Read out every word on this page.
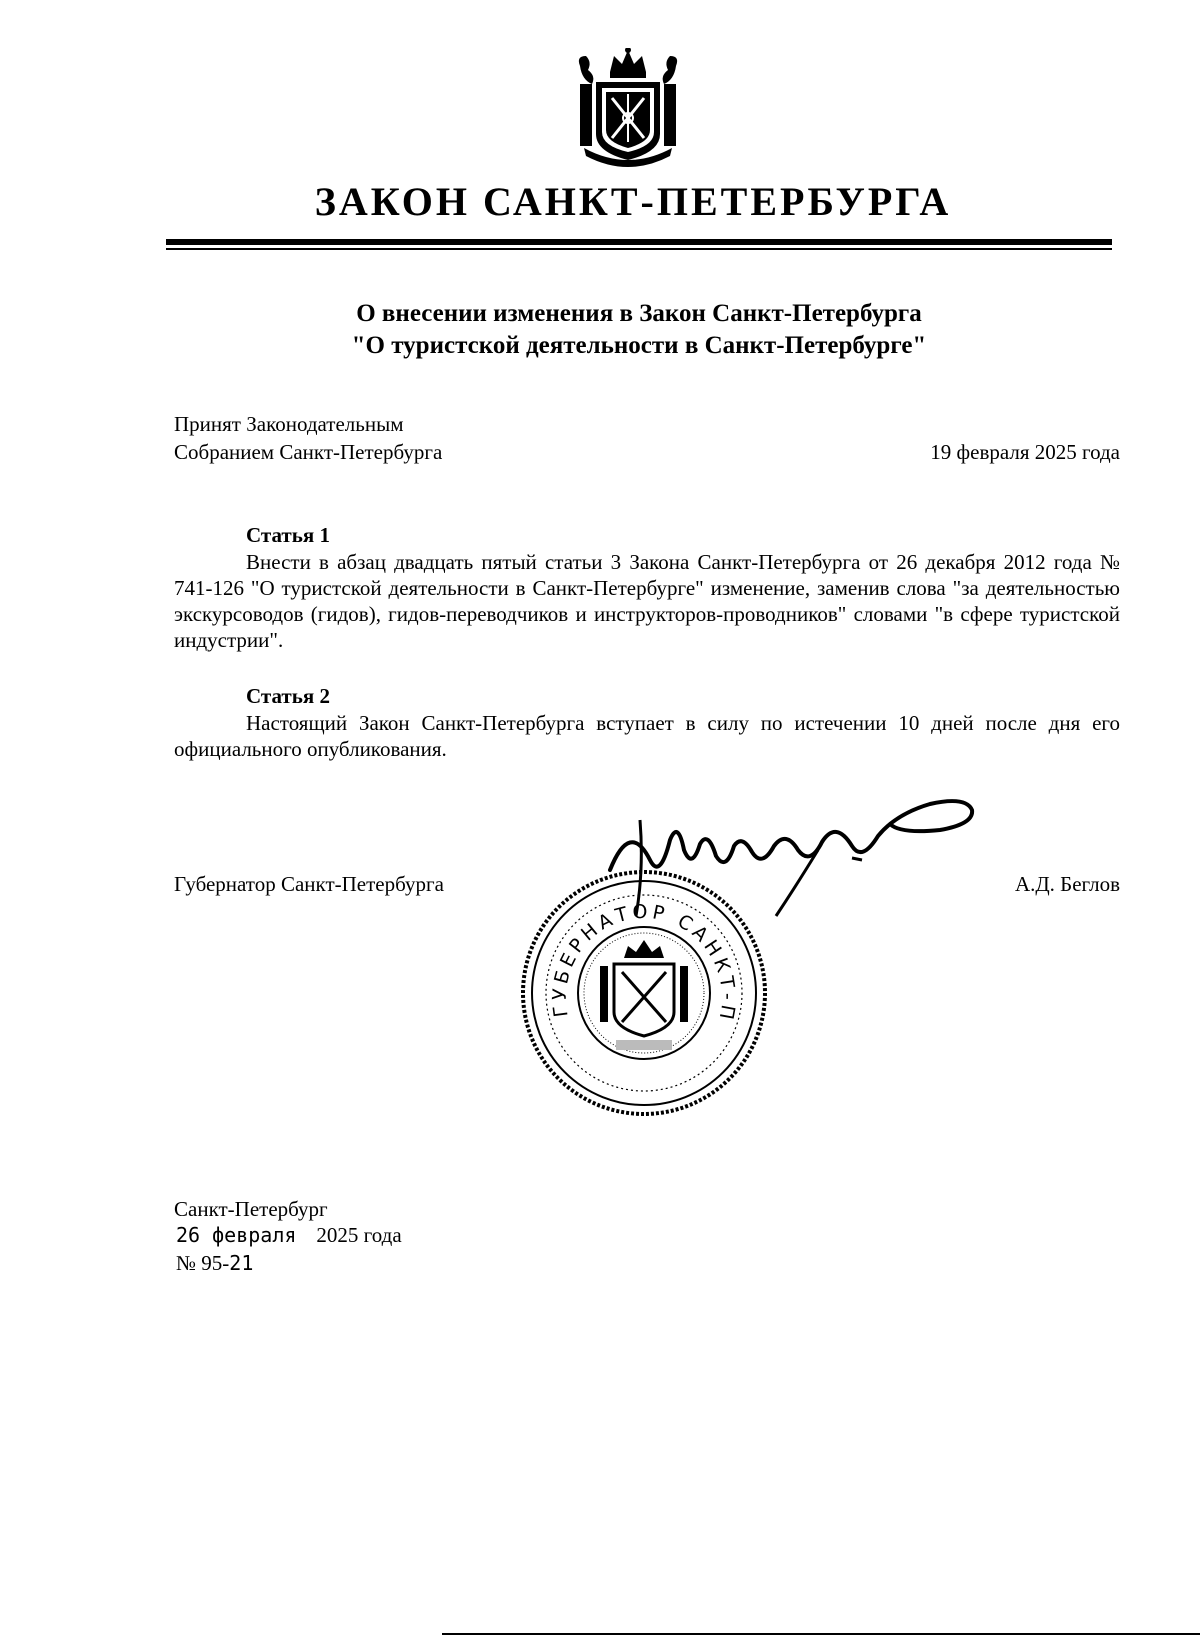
ЗАКОН САНКТ-ПЕТЕРБУРГА
О внесении изменения в Закон Санкт-Петербурга
"О туристской деятельности в Санкт-Петербурге"
Принят Законодательным
Собранием Санкт-Петербурга	19 февраля 2025 года
Статья 1
Внести в абзац двадцать пятый статьи 3 Закона Санкт-Петербурга от 26 декабря 2012 года № 741-126 "О туристской деятельности в Санкт-Петербурге" изменение, заменив слова "за деятельностью экскурсоводов (гидов), гидов-переводчиков и инструкторов-проводников" словами "в сфере туристской индустрии".
Статья 2
Настоящий Закон Санкт-Петербурга вступает в силу по истечении 10 дней после дня его официального опубликования.
Губернатор Санкт-Петербурга	А.Д. Беглов
ГУБЕРНАТОР САНКТ-П
Санкт-Петербург
26 февраля 2025 года
№ 95-21
